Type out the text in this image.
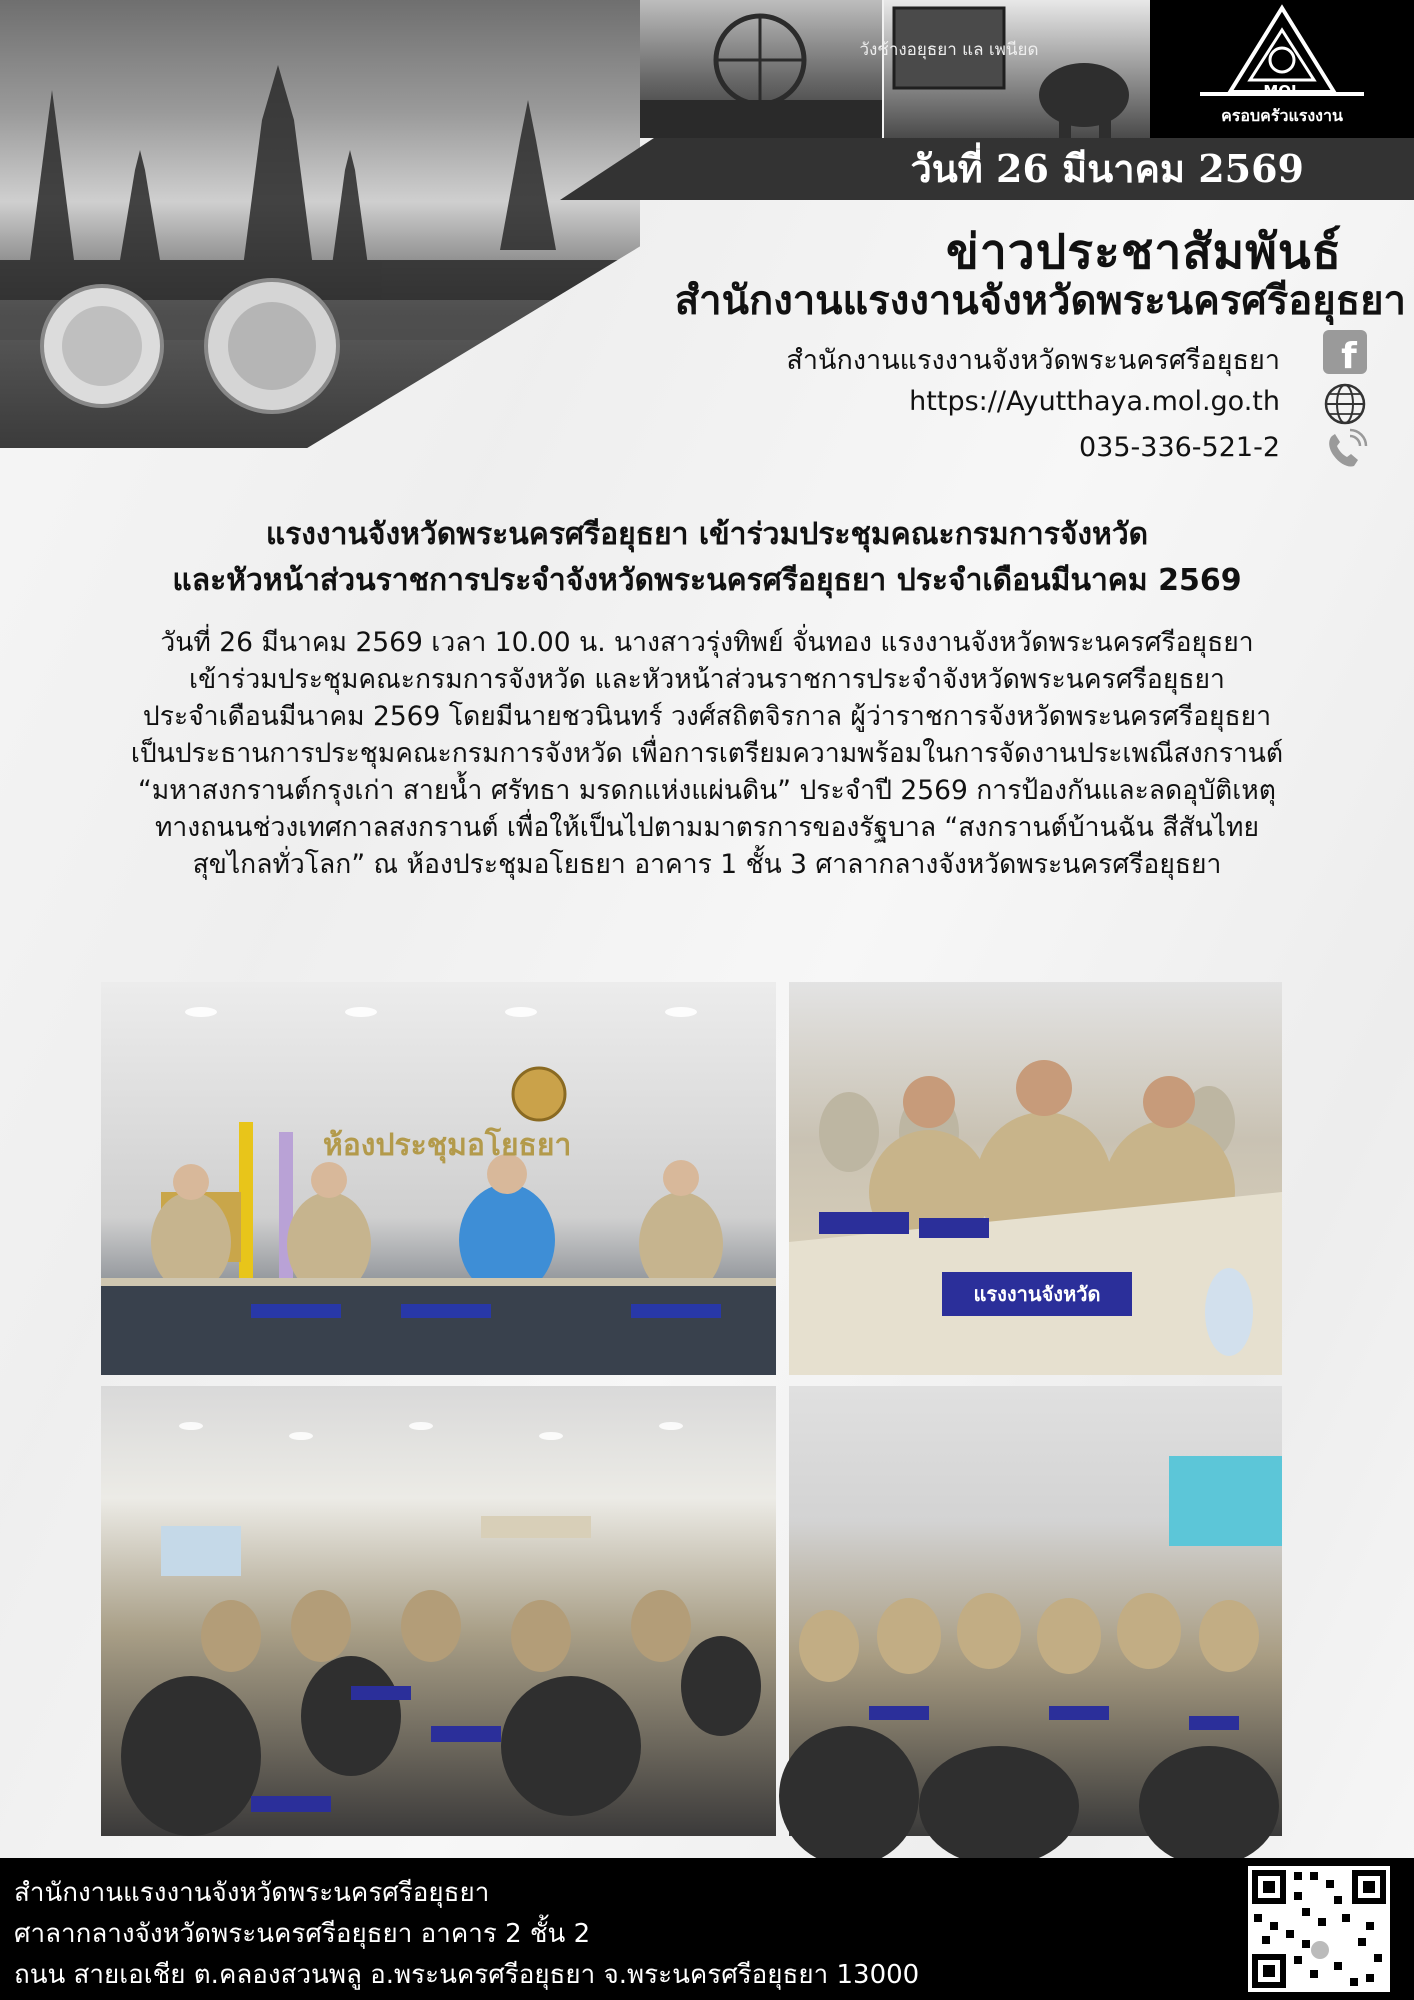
วังช้างอยุธยา แล เพนียด
MOL
ครอบครัวแรงงาน
วันที่ 26 มีนาคม 2569
ข่าวประชาสัมพันธ์
สำนักงานแรงงานจังหวัดพระนครศรีอยุธยา
สำนักงานแรงงานจังหวัดพระนครศรีอยุธยา
https://Ayutthaya.mol.go.th
035-336-521-2
f
แรงงานจังหวัดพระนครศรีอยุธยา เข้าร่วมประชุมคณะกรมการจังหวัด
และหัวหน้าส่วนราชการประจำจังหวัดพระนครศรีอยุธยา ประจำเดือนมีนาคม 2569

วันที่ 26 มีนาคม 2569 เวลา 10.00 น. นางสาวรุ่งทิพย์ จั่นทอง แรงงานจังหวัดพระนครศรีอยุธยา

เข้าร่วมประชุมคณะกรมการจังหวัด และหัวหน้าส่วนราชการประจำจังหวัดพระนครศรีอยุธยา

ประจำเดือนมีนาคม 2569 โดยมีนายชวนินทร์ วงศ์สถิตจิรกาล ผู้ว่าราชการจังหวัดพระนครศรีอยุธยา

เป็นประธานการประชุมคณะกรมการจังหวัด เพื่อการเตรียมความพร้อมในการจัดงานประเพณีสงกรานต์

“มหาสงกรานต์กรุงเก่า สายน้ำ ศรัทธา มรดกแห่งแผ่นดิน” ประจำปี 2569 การป้องกันและลดอุบัติเหตุ

ทางถนนช่วงเทศกาลสงกรานต์ เพื่อให้เป็นไปตามมาตรการของรัฐบาล “สงกรานต์บ้านฉัน สีสันไทย

สุขไกลทั่วโลก” ณ ห้องประชุมอโยธยา อาคาร 1 ชั้น 3 ศาลากลางจังหวัดพระนครศรีอยุธยา

ห้องประชุมอโยธยา
แรงงานจังหวัด
สำนักงานแรงงานจังหวัดพระนครศรีอยุธยา
ศาลากลางจังหวัดพระนครศรีอยุธยา อาคาร 2 ชั้น 2
ถนน สายเอเชีย ต.คลองสวนพลู อ.พระนครศรีอยุธยา จ.พระนครศรีอยุธยา 13000
